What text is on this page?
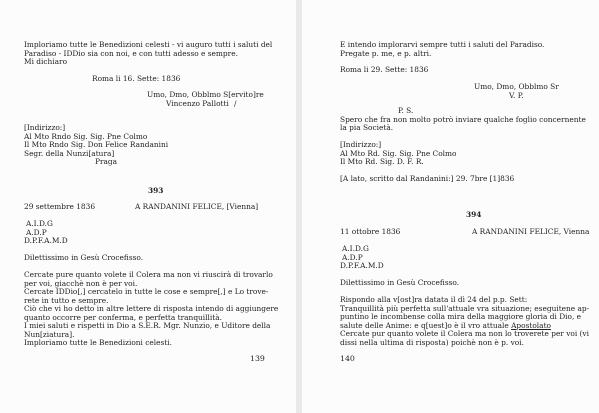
Imploriamo tutte le Benedizioni celesti - vi auguro tutti i saluti del
Paradiso - IDDio sia con noi, e con tutti adesso e sempre.
Mi dichiaro
Roma li 16. Sette: 1836
Umo, Dmo, Obblmo S[ervito]re
Vincenzo Pallotti /
[Indirizzo:]
Al Mto Rndo Sig. Sig. Pne Colmo
Il Mto Rndo Sig. Don Felice Randanini
Segr. della Nunzi[atura]
Praga
393
29 settembre 1836	A RANDANINI FELICE, [Vienna]
A.I.D.G
A.D.P
D.P.F.A.M.D
Dilettissimo in Gesù Crocefisso.
Cercate pure quanto volete il Colera ma non vi riuscirà di trovarlo
per voi, giacchè non è per voi.
Cercate IDDio[,] cercatelo in tutte le cose e sempre[,] e Lo trove-
rete in tutto e sempre.
Ciò che vi ho detto in altre lettere di risposta intendo di aggiungere
quanto occorre per conferma, e perfetta tranquillità.
I miei saluti e rispetti in Dio a S.E.R. Mgr. Nunzio, e Uditore della
Nun[ziatura].
Imploriamo tutte le Benedizioni celesti.
139
E intendo implorarvi sempre tutti i saluti del Paradiso.
Pregate p. me, e p. altri.
Roma li 29. Sette: 1836
Umo, Dmo, Obblmo Sr
V. P.
P. S.
Spero che fra non molto potrò inviare qualche foglio concernente
la pia Società.
[Indirizzo:]
Al Mto Rd. Sig. Sig. Pne Colmo
Il Mto Rd. Sig. D. F. R.
[A lato, scritto dal Randanini:] 29. 7bre [1]836
394
11 ottobre 1836	A RANDANINI FELICE, Vienna
A.I.D.G
A.D.P
D.P.F.A.M.D
Dilettissimo in Gesù Crocefisso.
Rispondo alla v[ost]ra datata il dì 24 del p.p. Sett:
Tranquillità più perfetta sull'attuale vra situazione; eseguitene ap-
puntino le incombense colla mira della maggiore gloria di Dio, e
salute delle Anime: e q[uest]o è il vro attuale Apostolato
Cercate pur quanto volete il Colera ma non lo troverete per voi (vi
dissi nella ultima di risposta) poichè non è p. voi.
140
